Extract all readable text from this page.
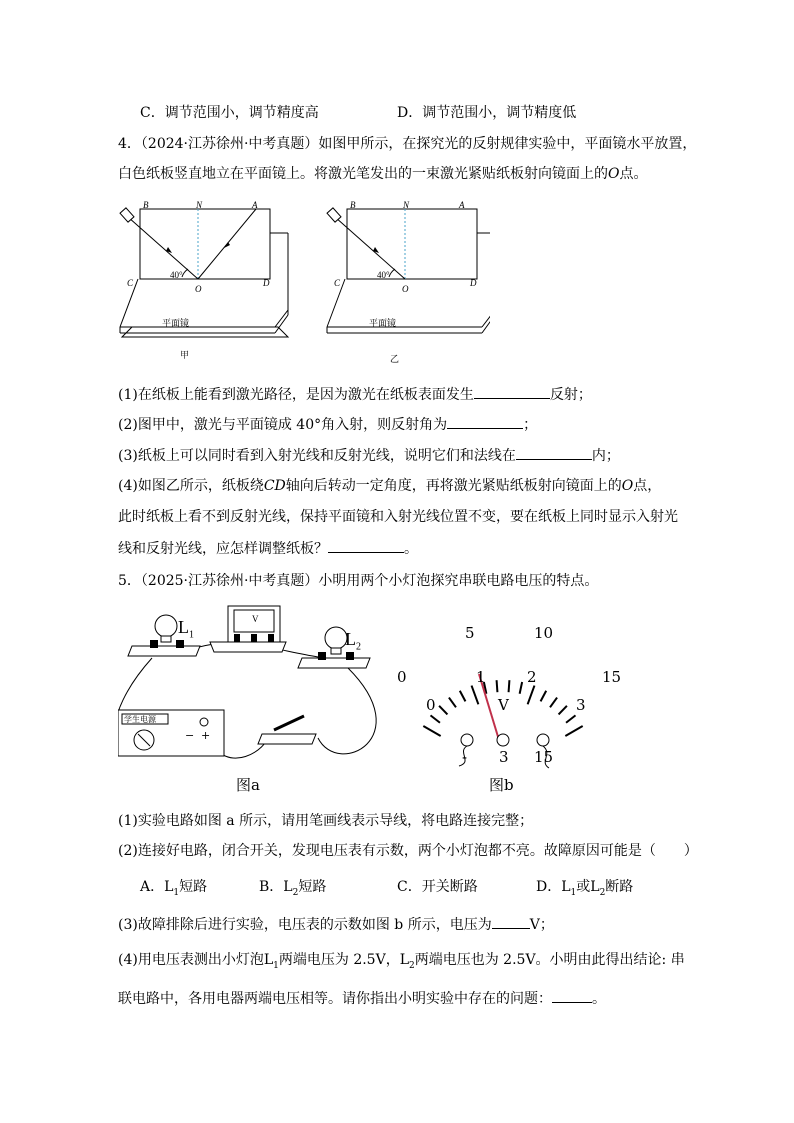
C．调节范围小，调节精度高	D．调节范围小，调节精度低
4．（2024·江苏徐州·中考真题）如图甲所示，在探究光的反射规律实验中，平面镜水平放置，
白色纸板竖直地立在平面镜上。将激光笔发出的一束激光紧贴纸板射向镜面上的O点。
B	N	A
C
O
D
40°
平面镜
甲
B	N	A
C
O
D
40°
平面镜
乙
(1)在纸板上能看到激光路径，是因为激光在纸板表面发生	反射；
(2)图甲中，激光与平面镜成 40°角入射，则反射角为	；
(3)纸板上可以同时看到入射光线和反射光线，说明它们和法线在	内；
(4)如图乙所示，纸板绕CD轴向后转动一定角度，再将激光紧贴纸板射向镜面上的O点，
此时纸板上看不到反射光线，保持平面镜和入射光线位置不变，要在纸板上同时显示入射光
线和反射光线，应怎样调整纸板？	。
5．（2025·江苏徐州·中考真题）小明用两个小灯泡探究串联电路电压的特点。
$L_1$	$L_2$
V
学生电源
− +
图a
0
5	10
15
0
1	2
3
V
- 3 15
图b
(1)实验电路如图 a 所示，请用笔画线表示导线，将电路连接完整；
(2)连接好电路，闭合开关，发现电压表有示数，两个小灯泡都不亮。故障原因可能是（　　）
A．$L_1$短路	B．$L_2$短路	C．开关断路	D．$L_1$或$L_2$断路
(3)故障排除后进行实验，电压表的示数如图 b 所示，电压为	V；
(4)用电压表测出小灯泡$L_1$两端电压为 2.5V，$L_2$两端电压也为 2.5V。小明由此得出结论: 串
联电路中，各用电器两端电压相等。请你指出小明实验中存在的问题：	。
